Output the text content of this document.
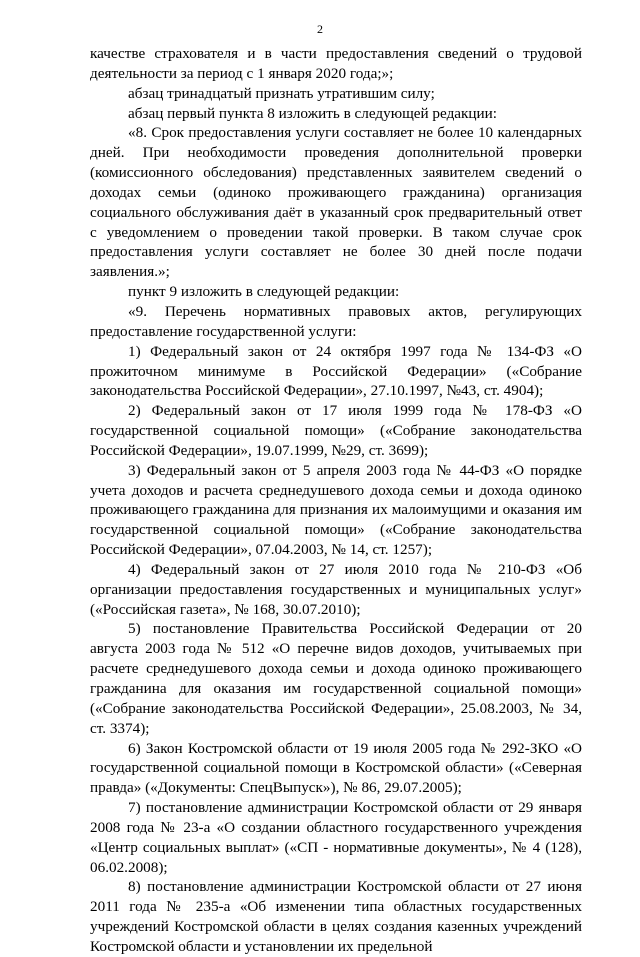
2

качестве страхователя и в части предоставления сведений о трудовой деятельности за период с 1 января 2020 года;»;

абзац тринадцатый признать утратившим силу;

абзац первый пункта 8 изложить в следующей редакции:

«8. Срок предоставления услуги составляет не более 10 календарных дней. При необходимости проведения дополнительной проверки (комиссионного обследования) представленных заявителем сведений о доходах семьи (одиноко проживающего гражданина) организация социального обслуживания даёт в указанный срок предварительный ответ с уведомлением о проведении такой проверки. В таком случае срок предоставления услуги составляет не более 30 дней после подачи заявления.»;

пункт 9 изложить в следующей редакции:

«9. Перечень нормативных правовых актов, регулирующих предоставление государственной услуги:

1) Федеральный закон от 24 октября 1997 года № 134-ФЗ «О прожиточном минимуме в Российской Федерации» («Собрание законодательства Российской Федерации», 27.10.1997, №43, ст. 4904);

2) Федеральный закон от 17 июля 1999 года № 178-ФЗ «О государственной социальной помощи» («Собрание законодательства Российской Федерации», 19.07.1999, №29, ст. 3699);

3) Федеральный закон от 5 апреля 2003 года № 44-ФЗ «О порядке учета доходов и расчета среднедушевого дохода семьи и дохода одиноко проживающего гражданина для признания их малоимущими и оказания им государственной социальной помощи» («Собрание законодательства Российской Федерации», 07.04.2003, № 14, ст. 1257);

4) Федеральный закон от 27 июля 2010 года № 210-ФЗ «Об организации предоставления государственных и муниципальных услуг» («Российская газета», № 168, 30.07.2010);

5) постановление Правительства Российской Федерации от 20 августа 2003 года № 512 «О перечне видов доходов, учитываемых при расчете среднедушевого дохода семьи и дохода одиноко проживающего гражданина для оказания им государственной социальной помощи» («Собрание законодательства Российской Федерации», 25.08.2003, № 34, ст. 3374);

6) Закон Костромской области от 19 июля 2005 года № 292-ЗКО «О государственной социальной помощи в Костромской области» («Северная правда» («Документы: СпецВыпуск»), № 86, 29.07.2005);

7) постановление администрации Костромской области от 29 января 2008 года № 23-а «О создании областного государственного учреждения «Центр социальных выплат» («СП - нормативные документы», № 4 (128), 06.02.2008);

8) постановление администрации Костромской области от 27 июня 2011 года № 235-а «Об изменении типа областных государственных учреждений Костромской области в целях создания казенных учреждений Костромской области и установлении их предельной
